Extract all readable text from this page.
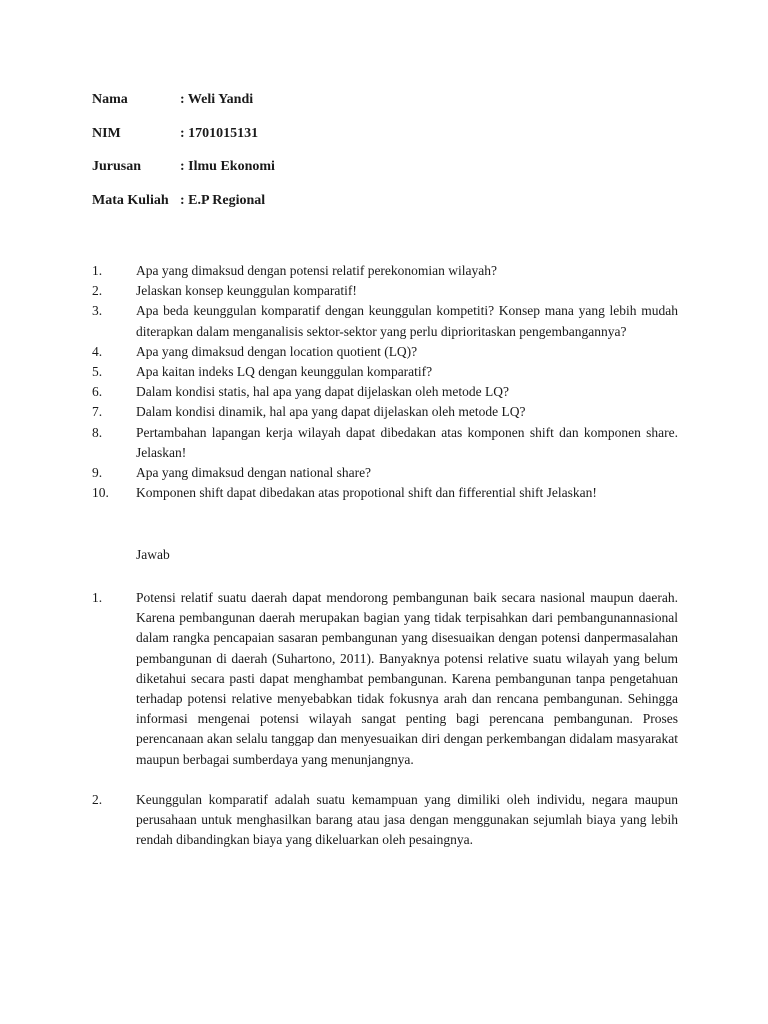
Nama	: Weli Yandi
NIM	: 1701015131
Jurusan	: Ilmu Ekonomi
Mata Kuliah : E.P Regional
1.	Apa yang dimaksud dengan potensi relatif perekonomian wilayah?
2.	Jelaskan konsep keunggulan komparatif!
3.	Apa beda keunggulan komparatif dengan keunggulan kompetiti? Konsep mana yang lebih mudah diterapkan dalam menganalisis sektor-sektor yang perlu diprioritaskan pengembangannya?
4.	Apa yang dimaksud dengan location quotient (LQ)?
5.	Apa kaitan indeks LQ dengan keunggulan komparatif?
6.	Dalam kondisi statis, hal apa yang dapat dijelaskan oleh metode LQ?
7.	Dalam kondisi dinamik, hal apa yang dapat dijelaskan oleh metode LQ?
8.	Pertambahan lapangan kerja wilayah dapat dibedakan atas komponen shift dan komponen share. Jelaskan!
9.	Apa yang dimaksud dengan national share?
10.	Komponen shift dapat dibedakan atas propotional shift dan fifferential shift Jelaskan!
Jawab
1.	Potensi relatif suatu daerah dapat mendorong pembangunan baik secara nasional maupun daerah. Karena pembangunan daerah merupakan bagian yang tidak terpisahkan dari pembangunannasional dalam rangka pencapaian sasaran pembangunan yang disesuaikan dengan potensi danpermasalahan pembangunan di daerah (Suhartono, 2011). Banyaknya potensi relative suatu wilayah yang belum diketahui secara pasti dapat menghambat pembangunan. Karena pembangunan tanpa pengetahuan terhadap potensi relative menyebabkan tidak fokusnya arah dan rencana pembangunan. Sehingga informasi mengenai potensi wilayah sangat penting bagi perencana pembangunan. Proses perencanaan akan selalu tanggap dan menyesuaikan diri dengan perkembangan didalam masyarakat maupun berbagai sumberdaya yang menunjangnya.
2.	Keunggulan komparatif adalah suatu kemampuan yang dimiliki oleh individu, negara maupun perusahaan untuk menghasilkan barang atau jasa dengan menggunakan sejumlah biaya yang lebih rendah dibandingkan biaya yang dikeluarkan oleh pesaingnya.
